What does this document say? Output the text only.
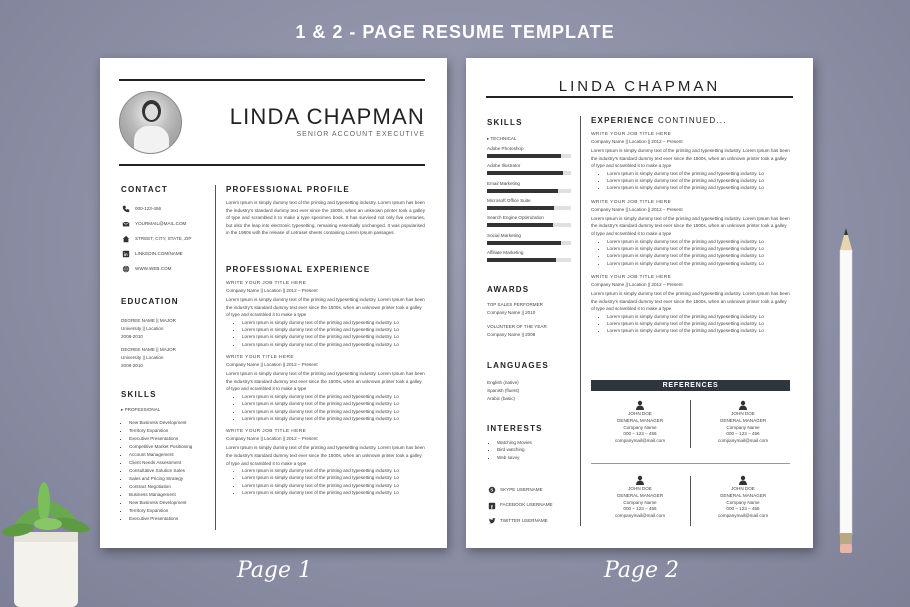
1 & 2 - PAGE RESUME TEMPLATE
LINDA CHAPMAN
SENIOR ACCOUNT EXECUTIVE
CONTACT
000-123-456
YOURMAIL@MAIL.COM
STREET, CITY, STATE, ZIP
in LINKEDIN.COM/NAME
WWW.WEB.COM
EDUCATION
DEGREE NAME || MAJOR
University || Location
2008-2010
DEGREE NAME || MAJOR
University || Location
2008-2010
SKILLS
▸ PROFESSIONAL
▪ New Business Development
▪ Territory Expansion
▪ Executive Presentations
▪ Competitive Market Positioning
▪ Account Management
▪ Client Needs Assessment
▪ Consultative Solution Sales
▪ Sales and Pricing Strategy
▪ Contract Negotiation
▪ Business Management
▪ New Business Development
▪ Territory Expansion
▪ Executive Presentations
PROFESSIONAL PROFILE
Lorem Ipsum is simply dummy text of the printing and typesetting industry. Lorem Ipsum has been the industry's standard dummy text ever since the 1500s, when an unknown printer took a galley of type and scrambled it to make a type specimen book. It has survived not only five centuries, but also the leap into electronic typesetting, remaining essentially unchanged. It was popularised in the 1960s with the release of Letraset sheets containing Lorem Ipsum passages.
PROFESSIONAL EXPERIENCE
WRITE YOUR JOB TITLE HERE
Company Name || Location || 2012 – Present
Lorem Ipsum is simply dummy text of the printing and typesetting industry. Lorem Ipsum has been the industry's standard dummy text ever since the 1500s, when an unknown printer took a galley of type and scrambled it to make a type
• Lorem Ipsum is simply dummy text of the printing and typesetting industry. Lo
• Lorem Ipsum is simply dummy text of the printing and typesetting industry. Lo
• Lorem Ipsum is simply dummy text of the printing and typesetting industry. Lo
• Lorem Ipsum is simply dummy text of the printing and typesetting industry. Lo
WRITE YOUR TITLE HERE
Company Name || Location || 2012 – Present
Lorem Ipsum is simply dummy text of the printing and typesetting industry. Lorem Ipsum has been the industry's standard dummy text ever since the 1500s, when an unknown printer took a galley of type and scrambled it to make a type
• Lorem Ipsum is simply dummy text of the printing and typesetting industry. Lo
• Lorem Ipsum is simply dummy text of the printing and typesetting industry. Lo
• Lorem Ipsum is simply dummy text of the printing and typesetting industry. Lo
• Lorem Ipsum is simply dummy text of the printing and typesetting industry. Lo
WRITE YOUR JOB TITLE HERE
Company Name || Location || 2012 – Present
Lorem Ipsum is simply dummy text of the printing and typesetting industry. Lorem Ipsum has been the industry's standard dummy text ever since the 1500s, when an unknown printer took a galley of type and scrambled it to make a type
• Lorem Ipsum is simply dummy text of the printing and typesetting industry. Lo
• Lorem Ipsum is simply dummy text of the printing and typesetting industry. Lo
• Lorem Ipsum is simply dummy text of the printing and typesetting industry. Lo
• Lorem Ipsum is simply dummy text of the printing and typesetting industry. Lo
LINDA CHAPMAN
SKILLS
▸ TECHNICAL
Adobe Photoshop
Adobe Illustrator
Email Marketing
Microsoft Office Suite
Search Engine Optimization
Social Marketing
Affiliate Marketing
AWARDS
TOP SALES PERFORMER
Company Name || 2010
VOLUNTEER OF THE YEAR
Company Name || 2008
LANGUAGES
English (native)
Spanish (fluent)
Arabic (basic)
INTERESTS
▪ Watching Movies
▪ Bird watching
▪ Web savvy
S SKYPE USERNAME
f FACEBOOK USERNAME
TWITTER USERNAME
EXPERIENCE CONTINUED...
WRITE YOUR JOB TITLE HERE
Company Name || Location || 2012 – Present
Lorem Ipsum is simply dummy text of the printing and typesetting industry. Lorem Ipsum has been the industry's standard dummy text ever since the 1500s, when an unknown printer took a galley of type and scrambled it to make a type
• Lorem Ipsum is simply dummy text of the printing and typesetting industry. Lo
• Lorem Ipsum is simply dummy text of the printing and typesetting industry. Lo
• Lorem Ipsum is simply dummy text of the printing and typesetting industry. Lo
WRITE YOUR JOB TITLE HERE
Company Name || Location || 2012 – Present
Lorem Ipsum is simply dummy text of the printing and typesetting industry. Lorem Ipsum has been the industry's standard dummy text ever since the 1500s, when an unknown printer took a galley of type and scrambled it to make a type
• Lorem Ipsum is simply dummy text of the printing and typesetting industry. Lo
• Lorem Ipsum is simply dummy text of the printing and typesetting industry. Lo
• Lorem Ipsum is simply dummy text of the printing and typesetting industry. Lo
• Lorem Ipsum is simply dummy text of the printing and typesetting industry. Lo
WRITE YOUR JOB TITLE HERE
Company Name || Location || 2012 – Present
Lorem Ipsum is simply dummy text of the printing and typesetting industry. Lorem Ipsum has been the industry's standard dummy text ever since the 1500s, when an unknown printer took a galley of type and scrambled it to make a type
• Lorem Ipsum is simply dummy text of the printing and typesetting industry. Lo
• Lorem Ipsum is simply dummy text of the printing and typesetting industry. Lo
• Lorem Ipsum is simply dummy text of the printing and typesetting industry. Lo
REFERENCES
JOHN DOE
GENERAL MANAGER
Company Name
000 – 123 – 456
companymail@mail.com
JOHN DOE
GENERAL MANAGER
Company Name
000 – 123 – 456
companymail@mail.com
JOHN DOE
GENERAL MANAGER
Company Name
000 – 123 – 456
companymail@mail.com
JOHN DOE
GENERAL MANAGER
Company Name
000 – 123 – 456
companymail@mail.com
Page 1	Page 2
